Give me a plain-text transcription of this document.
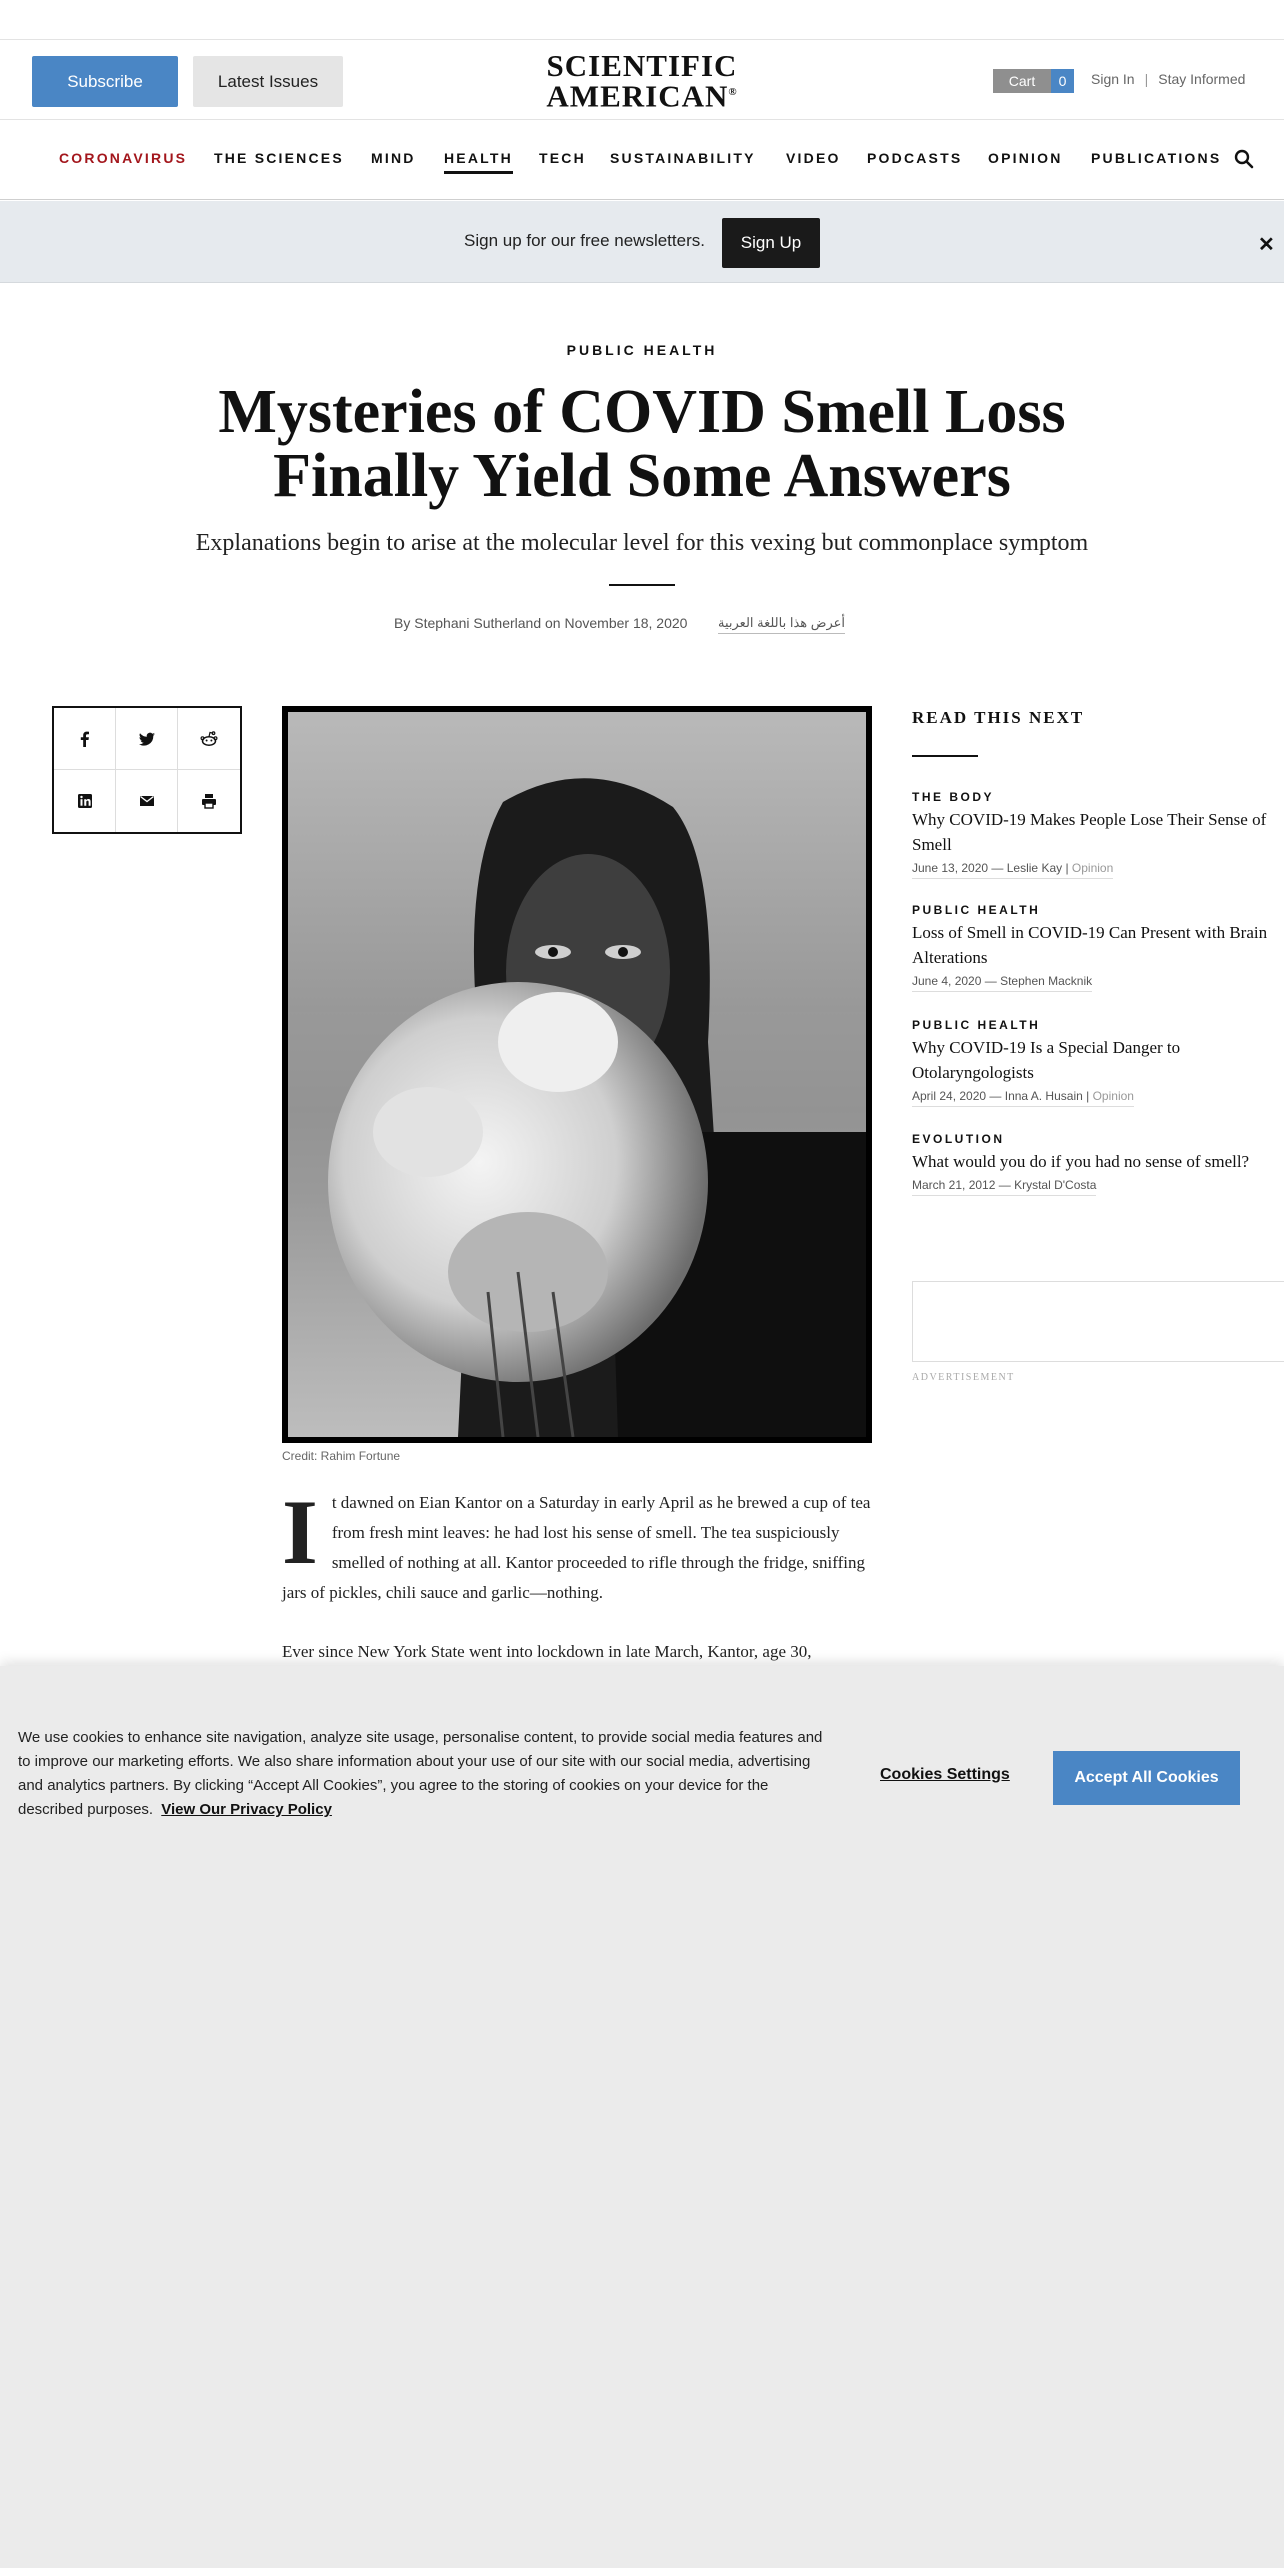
Subscribe	Latest Issues	SCIENTIFIC
AMERICAN®
Cart	0	Sign In | Stay Informed
CORONAVIRUS THE SCIENCES MIND HEALTH TECH SUSTAINABILITY VIDEO PODCASTS OPINION PUBLICATIONS
Sign up for our free newsletters.	Sign Up	✕
PUBLIC HEALTH
Mysteries of COVID Smell Loss
Finally Yield Some Answers
Explanations begin to arise at the molecular level for this vexing but commonplace symptom
By Stephani Sutherland on November 18, 2020 أعرض هذا باللغة العربية
Credit: Rahim Fortune

It dawned on Eian Kantor on a Saturday in early April as he brewed a cup of tea from fresh mint leaves: he had lost his sense of smell. The tea suspiciously smelled of nothing at all. Kantor proceeded to rifle through the fridge, sniffing jars of pickles, chili sauce and garlic—nothing.

Ever since New York State went into lockdown in late March, Kantor, age 30,

READ THIS NEXT
THE BODY
Why COVID-19 Makes People Lose Their Sense of Smell
June 13, 2020 — Leslie Kay | Opinion
PUBLIC HEALTH
Loss of Smell in COVID-19 Can Present with Brain Alterations
June 4, 2020 — Stephen Macknik
PUBLIC HEALTH
Why COVID-19 Is a Special Danger to Otolaryngologists
April 24, 2020 — Inna A. Husain | Opinion
EVOLUTION
What would you do if you had no sense of smell?
March 21, 2012 — Krystal D'Costa
ADVERTISEMENT
We use cookies to enhance site navigation, analyze site usage, personalise content, to provide social media features and to improve our marketing efforts. We also share information about your use of our site with our social media, advertising and analytics partners. By clicking “Accept All Cookies”, you agree to the storing of cookies on your device for the described purposes. View Our Privacy Policy
Cookies Settings	Accept All Cookies
